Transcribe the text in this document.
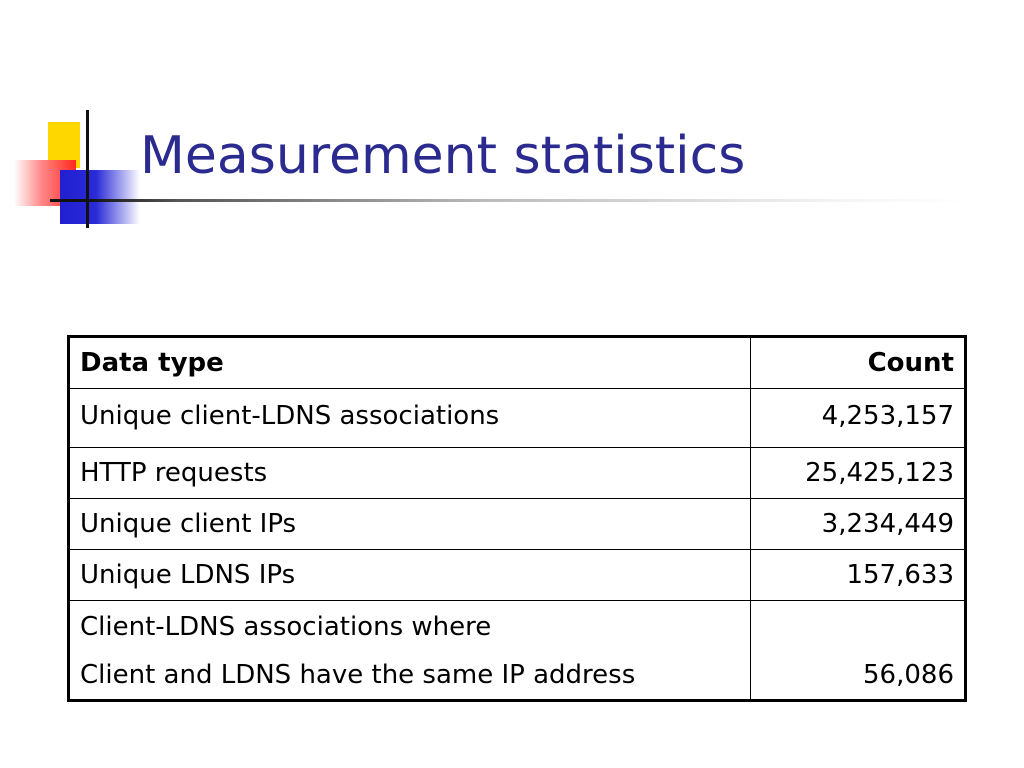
Measurement statistics
Data type	Count
Unique client-LDNS associations	4,253,157
HTTP requests	25,425,123
Unique client IPs	3,234,449
Unique LDNS IPs	157,633

Client-LDNS associations where
Client and LDNS have the same IP address	56,086
